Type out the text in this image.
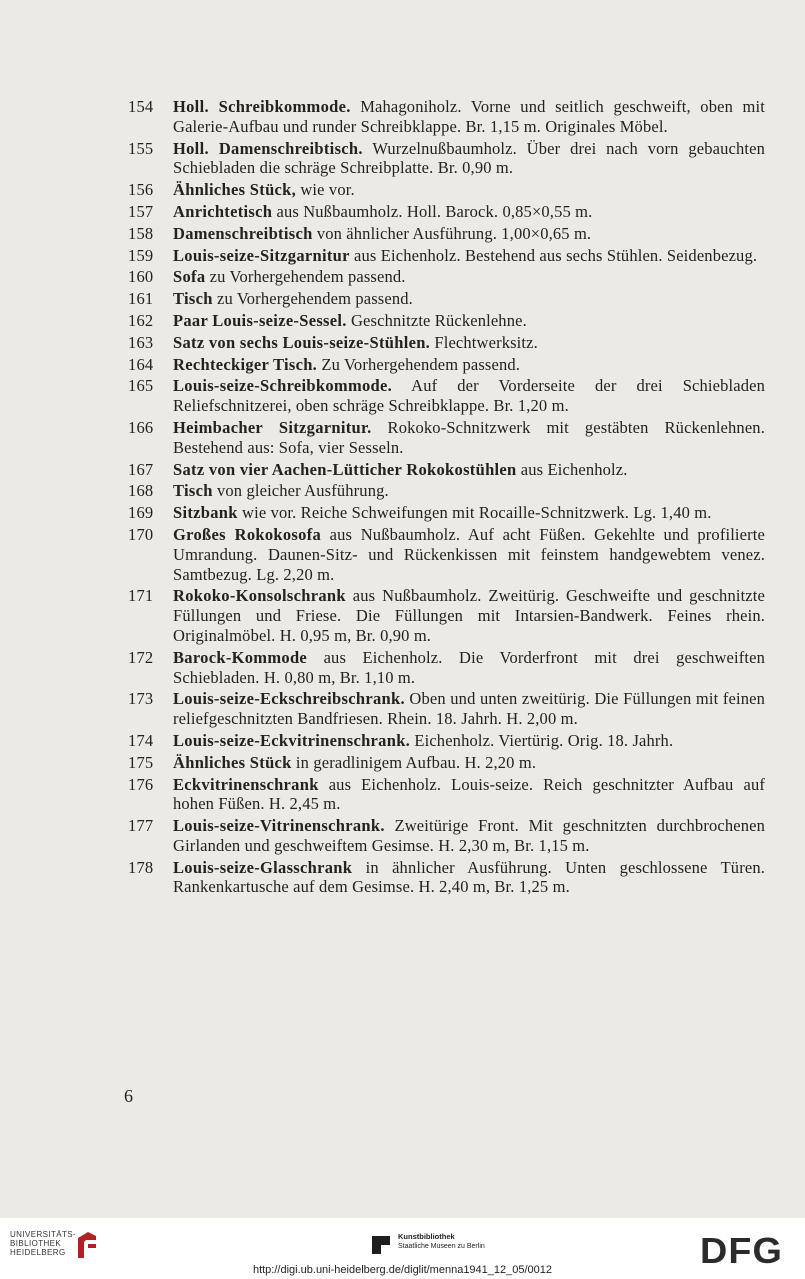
154	Holl. Schreibkommode. Mahagoniholz. Vorne und seitlich geschweift, oben mit Galerie-Aufbau und runder Schreibklappe. Br. 1,15 m. Originales Möbel.
155	Holl. Damenschreibtisch. Wurzelnußbaumholz. Über drei nach vorn gebauchten Schiebladen die schräge Schreibplatte. Br. 0,90 m.
156	Ähnliches Stück, wie vor.
157	Anrichtetisch aus Nußbaumholz. Holl. Barock. 0,85×0,55 m.
158	Damenschreibtisch von ähnlicher Ausführung. 1,00×0,65 m.
159	Louis-seize-Sitzgarnitur aus Eichenholz. Bestehend aus sechs Stühlen. Seidenbezug.
160	Sofa zu Vorhergehendem passend.
161	Tisch zu Vorhergehendem passend.
162	Paar Louis-seize-Sessel. Geschnitzte Rückenlehne.
163	Satz von sechs Louis-seize-Stühlen. Flechtwerksitz.
164	Rechteckiger Tisch. Zu Vorhergehendem passend.
165	Louis-seize-Schreibkommode. Auf der Vorderseite der drei Schiebladen Reliefschnitzerei, oben schräge Schreibklappe. Br. 1,20 m.
166	Heimbacher Sitzgarnitur. Rokoko-Schnitzwerk mit gestäbten Rückenlehnen. Bestehend aus: Sofa, vier Sesseln.
167	Satz von vier Aachen-Lütticher Rokokostühlen aus Eichenholz.
168	Tisch von gleicher Ausführung.
169	Sitzbank wie vor. Reiche Schweifungen mit Rocaille-Schnitzwerk. Lg. 1,40 m.
170	Großes Rokokosofa aus Nußbaumholz. Auf acht Füßen. Gekehlte und profilierte Umrandung. Daunen-Sitz- und Rückenkissen mit feinstem handgewebtem venez. Samtbezug. Lg. 2,20 m.
171	Rokoko-Konsolschrank aus Nußbaumholz. Zweitürig. Geschweifte und geschnitzte Füllungen und Friese. Die Füllungen mit Intarsien-Bandwerk. Feines rhein. Originalmöbel. H. 0,95 m, Br. 0,90 m.
172	Barock-Kommode aus Eichenholz. Die Vorderfront mit drei geschweiften Schiebladen. H. 0,80 m, Br. 1,10 m.
173	Louis-seize-Eckschreibschrank. Oben und unten zweitürig. Die Füllungen mit feinen reliefgeschnitzten Bandfriesen. Rhein. 18. Jahrh. H. 2,00 m.
174	Louis-seize-Eckvitrinenschrank. Eichenholz. Viertürig. Orig. 18. Jahrh.
175	Ähnliches Stück in geradlinigem Aufbau. H. 2,20 m.
176	Eckvitrinenschrank aus Eichenholz. Louis-seize. Reich geschnitzter Aufbau auf hohen Füßen. H. 2,45 m.
177	Louis-seize-Vitrinenschrank. Zweitürige Front. Mit geschnitzten durchbrochenen Girlanden und geschweiftem Gesimse. H. 2,30 m, Br. 1,15 m.
178	Louis-seize-Glasschrank in ähnlicher Ausführung. Unten geschlossene Türen. Rankenkartusche auf dem Gesimse. H. 2,40 m, Br. 1,25 m.
6
UNIVERSITÄTS-
BIBLIOTHEK
HEIDELBERG
Kunstbibliothek
Staatliche Museen zu Berlin	DFG
http://digi.ub.uni-heidelberg.de/diglit/menna1941_12_05/0012
